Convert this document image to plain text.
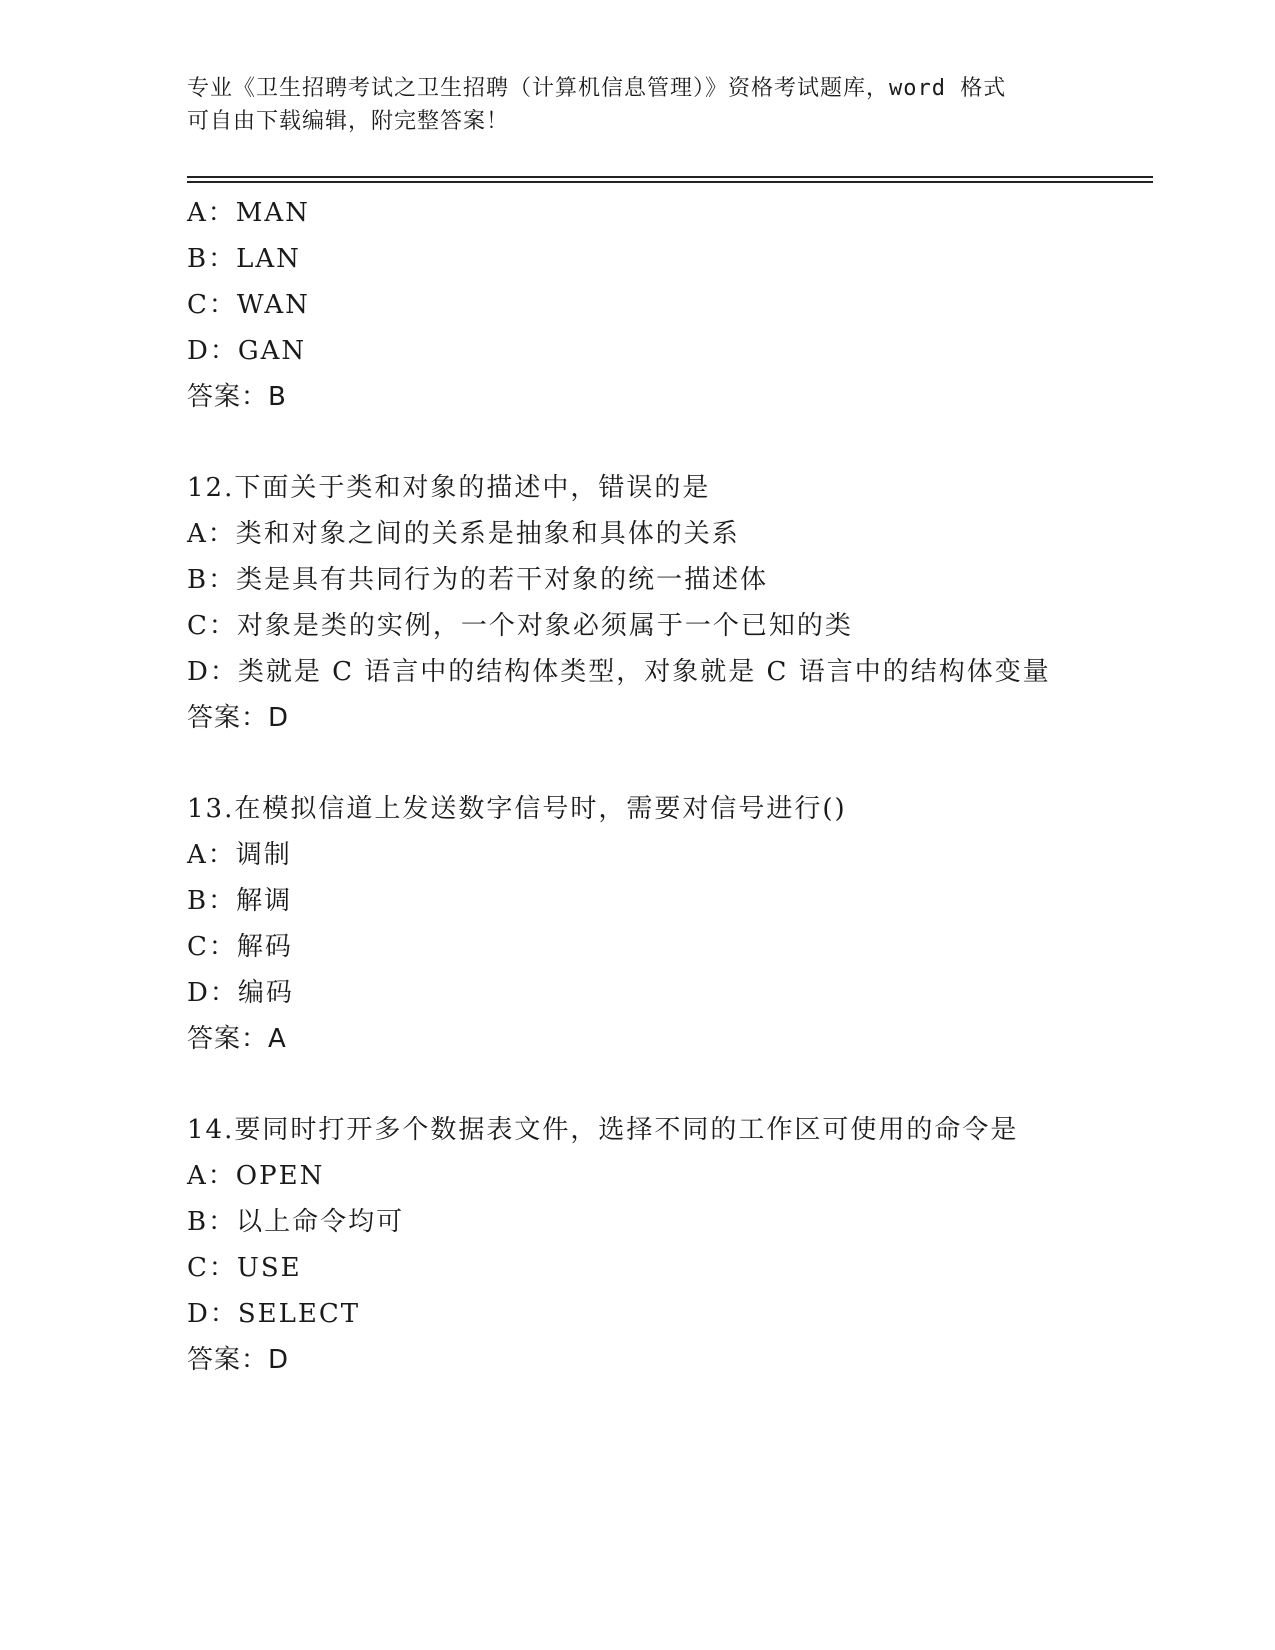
专业《卫生招聘考试之卫生招聘（计算机信息管理）》资格考试题库，word 格式
可自由下载编辑，附完整答案！
A：MAN
B：LAN
C：WAN
D：GAN
答案：B
12.下面关于类和对象的描述中，错误的是
A：类和对象之间的关系是抽象和具体的关系
B：类是具有共同行为的若干对象的统一描述体
C：对象是类的实例，一个对象必须属于一个已知的类
D：类就是 C 语言中的结构体类型，对象就是 C 语言中的结构体变量
答案：D
13.在模拟信道上发送数字信号时，需要对信号进行()
A：调制
B：解调
C：解码
D：编码
答案：A
14.要同时打开多个数据表文件，选择不同的工作区可使用的命令是
A：OPEN
B：以上命令均可
C：USE
D：SELECT
答案：D
